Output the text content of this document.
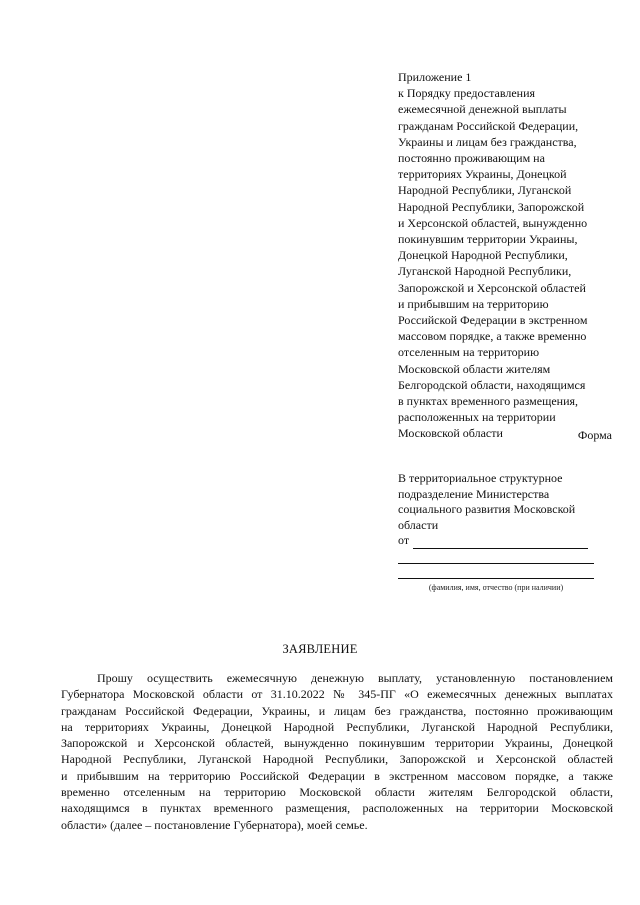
Приложение 1
к Порядку предоставления
ежемесячной денежной выплаты
гражданам Российской Федерации,
Украины и лицам без гражданства,
постоянно проживающим на
территориях Украины, Донецкой
Народной Республики, Луганской
Народной Республики, Запорожской
и Херсонской областей, вынужденно
покинувшим территории Украины,
Донецкой Народной Республики,
Луганской Народной Республики,
Запорожской и Херсонской областей
и прибывшим на территорию
Российской Федерации в экстренном
массовом порядке, а также временно
отселенным на территорию
Московской области жителям
Белгородской области, находящимся
в пунктах временного размещения,
расположенных на территории
Московской области	Форма
В территориальное структурное
подразделение Министерства
социального развития Московской
области
от
(фамилия, имя, отчество (при наличии)
ЗАЯВЛЕНИЕ
Прошу осуществить ежемесячную денежную выплату, установленную постановлением
Губернатора Московской области от 31.10.2022 № 345-ПГ «О ежемесячных денежных выплатах
гражданам Российской Федерации, Украины, и лицам без гражданства, постоянно проживающим
на территориях Украины, Донецкой Народной Республики, Луганской Народной Республики,
Запорожской и Херсонской областей, вынужденно покинувшим территории Украины, Донецкой
Народной Республики, Луганской Народной Республики, Запорожской и Херсонской областей
и прибывшим на территорию Российской Федерации в экстренном массовом порядке, а также
временно отселенным на территорию Московской области жителям Белгородской области,
находящимся в пунктах временного размещения, расположенных на территории Московской
области» (далее – постановление Губернатора), моей семье.
